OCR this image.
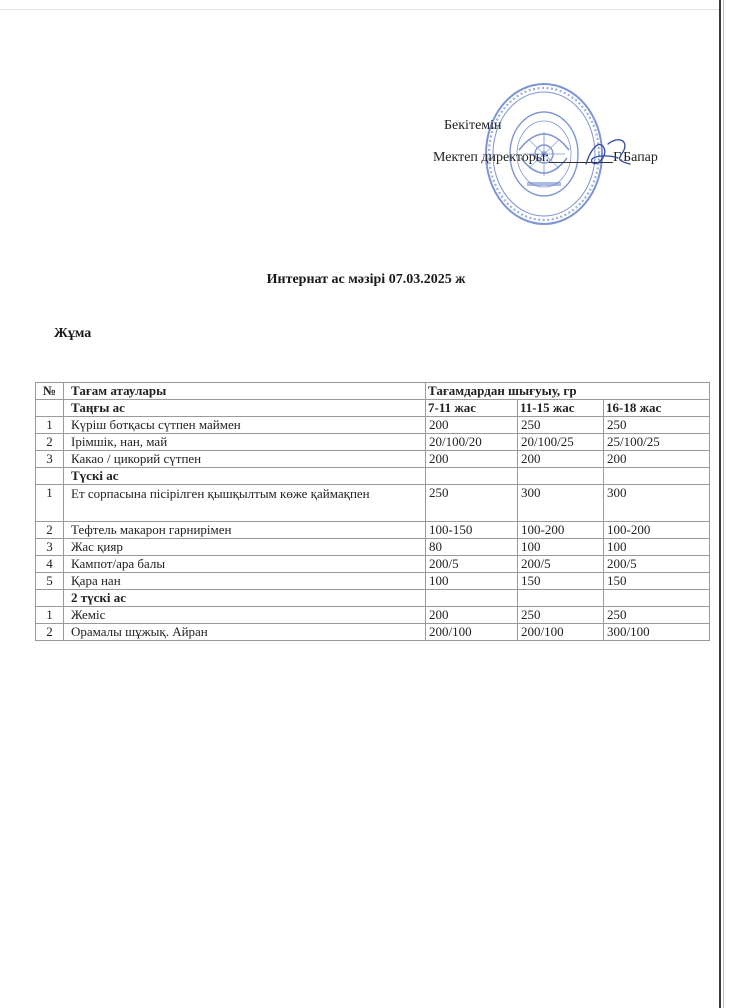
Бекітемін
Мектеп директоры:	Г.Бапар
Интернат ас мәзірі 07.03.2025 ж
Жұма
№	Тағам атаулары	Тағамдардан шығуыу, гр		
	Таңғы ас	7-11 жас	11-15 жас	16-18 жас
1	Күріш ботқасы сүтпен маймен	200	250	250
2	Ірімшік, нан, май	20/100/20	20/100/25	25/100/25
3	Какао / цикорий сүтпен	200	200	200
	Түскі ас			
1	Ет сорпасына пісірілген қышқылтым көже қаймақпен	250	300	300
2	Тефтель макарон гарнирімен	100-150	100-200	100-200
3	Жас қияр	80	100	100
4	Кампот/ара балы	200/5	200/5	200/5
5	Қара нан	100	150	150
	2 түскі ас			
1	Жеміс	200	250	250
2	Орамалы шұжық. Айран	200/100	200/100	300/100
